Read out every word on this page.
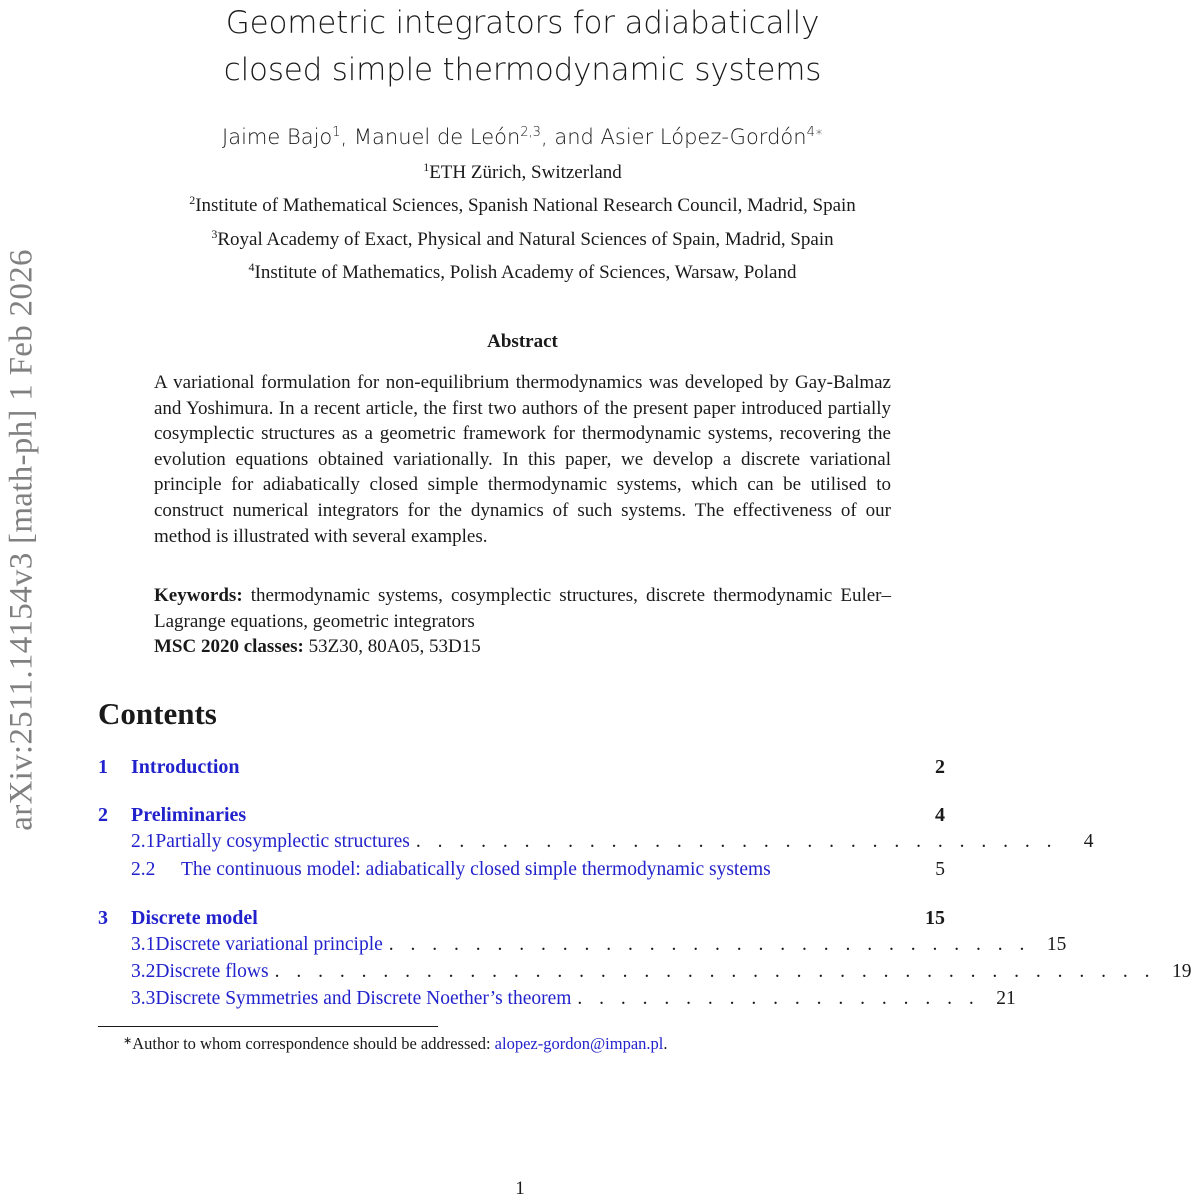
arXiv:2511.14154v3 [math-ph] 1 Feb 2026
Geometric integrators for adiabatically
closed simple thermodynamic systems
Jaime Bajo$^1$, Manuel de León$^{2,3}$, and Asier López-Gordón$^{4∗}$
$^1$ETH Zürich, Switzerland
$^2$Institute of Mathematical Sciences, Spanish National Research Council, Madrid, Spain
$^3$Royal Academy of Exact, Physical and Natural Sciences of Spain, Madrid, Spain
$^4$Institute of Mathematics, Polish Academy of Sciences, Warsaw, Poland
Abstract
A variational formulation for non-equilibrium thermodynamics was developed by Gay-Balmaz and Yoshimura. In a recent article, the first two authors of the present paper introduced partially cosymplectic structures as a geometric framework for thermodynamic systems, recovering the evolution equations obtained variationally. In this paper, we develop a discrete variational principle for adiabatically closed simple thermodynamic systems, which can be utilised to construct numerical integrators for the dynamics of such systems. The effectiveness of our method is illustrated with several examples.
Keywords: thermodynamic systems, cosymplectic structures, discrete thermodynamic Euler–Lagrange equations, geometric integrators
MSC 2020 classes: 53Z30, 80A05, 53D15
Contents
1	Introduction	2
2	Preliminaries	4
2.1 Partially cosymplectic structures . . . . . . . . . . . . . . . . . . . . . . . . . . . . . .	4
2.2	The continuous model: adiabatically closed simple thermodynamic systems	5
3	Discrete model	15
3.1 Discrete variational principle . . . . . . . . . . . . . . . . . . . . . . . . . . . . . . 15
3.2 Discrete flows . . . . . . . . . . . . . . . . . . . . . . . . . . . . . . . . . . . . . . . . . 19
3.3 Discrete Symmetries and Discrete Noether’s theorem . . . . . . . . . . . . . . . . . . . 21
∗Author to whom correspondence should be addressed: alopez-gordon@impan.pl.
1
